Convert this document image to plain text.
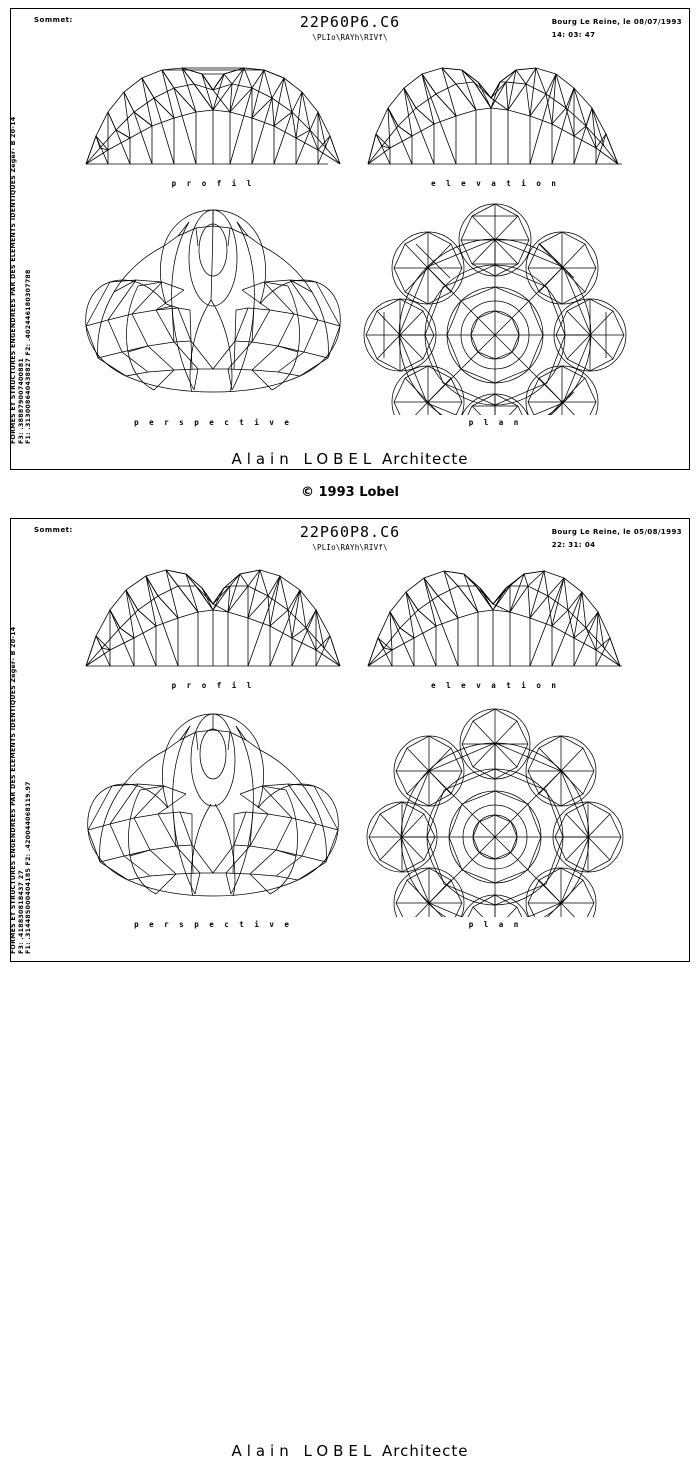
Sommet:	22P60P6.C6
\PLIo\RAYh\RIVf\
Bourg Le Reine, le 08/07/1993
14: 03: 47
FORMES ET STRUCTURES ENGENDREES PAR DES ELEMENTS IDENTIQUES Zeger- B 20-14 F3: .388879007400881 F1: .313008640438827 F2: .402446180307788
p r o f i l	e l e v a t i o n
p e r s p e c t i v e	p l a n
Alain LOBEL Architecte
© 1993 Lobel
Sommet:	22P60P8.C6
\PLIo\RAYh\RIVf\
Bourg Le Reine, le 05/08/1993
22: 31: 04
FORMES ET STRUCTURES ENGENDREES PAR DES ELEMENTS IDENTIQUES Zeger- B 20-14 F3: .418830818437 27 F1: .314485000404185 F2: .420044068119.97
p r o f i l	e l e v a t i o n
p e r s p e c t i v e	p l a n
Alain LOBEL Architecte
